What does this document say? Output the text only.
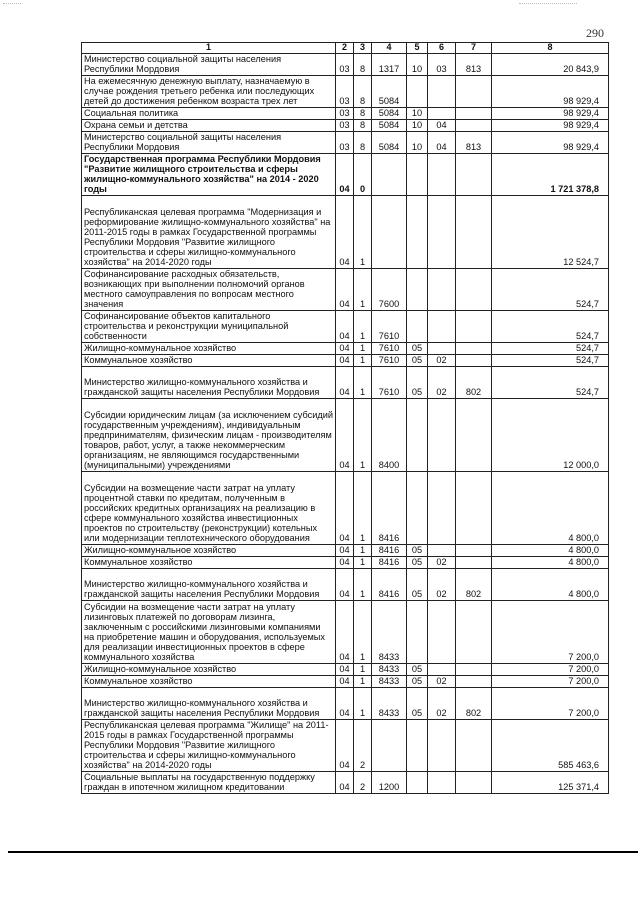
290
1	2	3	4	5	6	7	8
Министерство социальной защиты населения Республики Мордовия	03	8	1317	10	03	813	20 843,9
На ежемесячную денежную выплату, назначаемую в случае рождения третьего ребенка или последующих детей до достижения ребенком возраста трех лет	03	8	5084				98 929,4
Социальная политика	03	8	5084	10			98 929,4
Охрана семьи и детства	03	8	5084	10	04		98 929,4
Министерство социальной защиты населения Республики Мордовия	03	8	5084	10	04	813	98 929,4
Государственная программа Республики Мордовия "Развитие жилищного строительства и сферы жилищно-коммунального хозяйства" на 2014 - 2020 годы	04	0					1 721 378,8
Республиканская целевая программа "Модернизация и реформирование жилищно-коммунального хозяйства" на 2011-2015 годы в рамках Государственной программы Республики Мордовия "Развитие жилищного строительства и сферы жилищно-коммунального хозяйства" на 2014-2020 годы	04	1					12 524,7
Софинансирование расходных обязательств, возникающих при выполнении полномочий органов местного самоуправления по вопросам местного значения	04	1	7600				524,7
Софинансирование объектов капитального строительства и реконструкции муниципальной собственности	04	1	7610				524,7
Жилищно-коммунальное хозяйство	04	1	7610	05			524,7
Коммунальное хозяйство	04	1	7610	05	02		524,7
Министерство жилищно-коммунального хозяйства и гражданской защиты населения Республики Мордовия	04	1	7610	05	02	802	524,7
Субсидии юридическим лицам (за исключением субсидий государственным учреждениям), индивидуальным предпринимателям, физическим лицам - производителям товаров, работ, услуг, а также некоммерческим организациям, не являющимся государственными (муниципальными) учреждениями	04	1	8400				12 000,0
Субсидии на возмещение части затрат на уплату процентной ставки по кредитам, полученным в российских кредитных организациях на реализацию в сфере коммунального хозяйства инвестиционных проектов по строительству (реконструкции) котельных или модернизации теплотехнического оборудования	04	1	8416				4 800,0
Жилищно-коммунальное хозяйство	04	1	8416	05			4 800,0
Коммунальное хозяйство	04	1	8416	05	02		4 800,0
Министерство жилищно-коммунального хозяйства и гражданской защиты населения Республики Мордовия	04	1	8416	05	02	802	4 800,0
Субсидии на возмещение части затрат на уплату лизинговых платежей по договорам лизинга, заключенным с российскими лизинговыми компаниями на приобретение машин и оборудования, используемых для реализации инвестиционных проектов в сфере коммунального хозяйства	04	1	8433				7 200,0
Жилищно-коммунальное хозяйство	04	1	8433	05			7 200,0
Коммунальное хозяйство	04	1	8433	05	02		7 200,0
Министерство жилищно-коммунального хозяйства и гражданской защиты населения Республики Мордовия	04	1	8433	05	02	802	7 200,0
Республиканская целевая программа "Жилище" на 2011-2015 годы в рамках Государственной программы Республики Мордовия "Развитие жилищного строительства и сферы жилищно-коммунального хозяйства" на 2014-2020 годы	04	2					585 463,6
Социальные выплаты на государственную поддержку граждан в ипотечном жилищном кредитовании	04	2	1200				125 371,4
